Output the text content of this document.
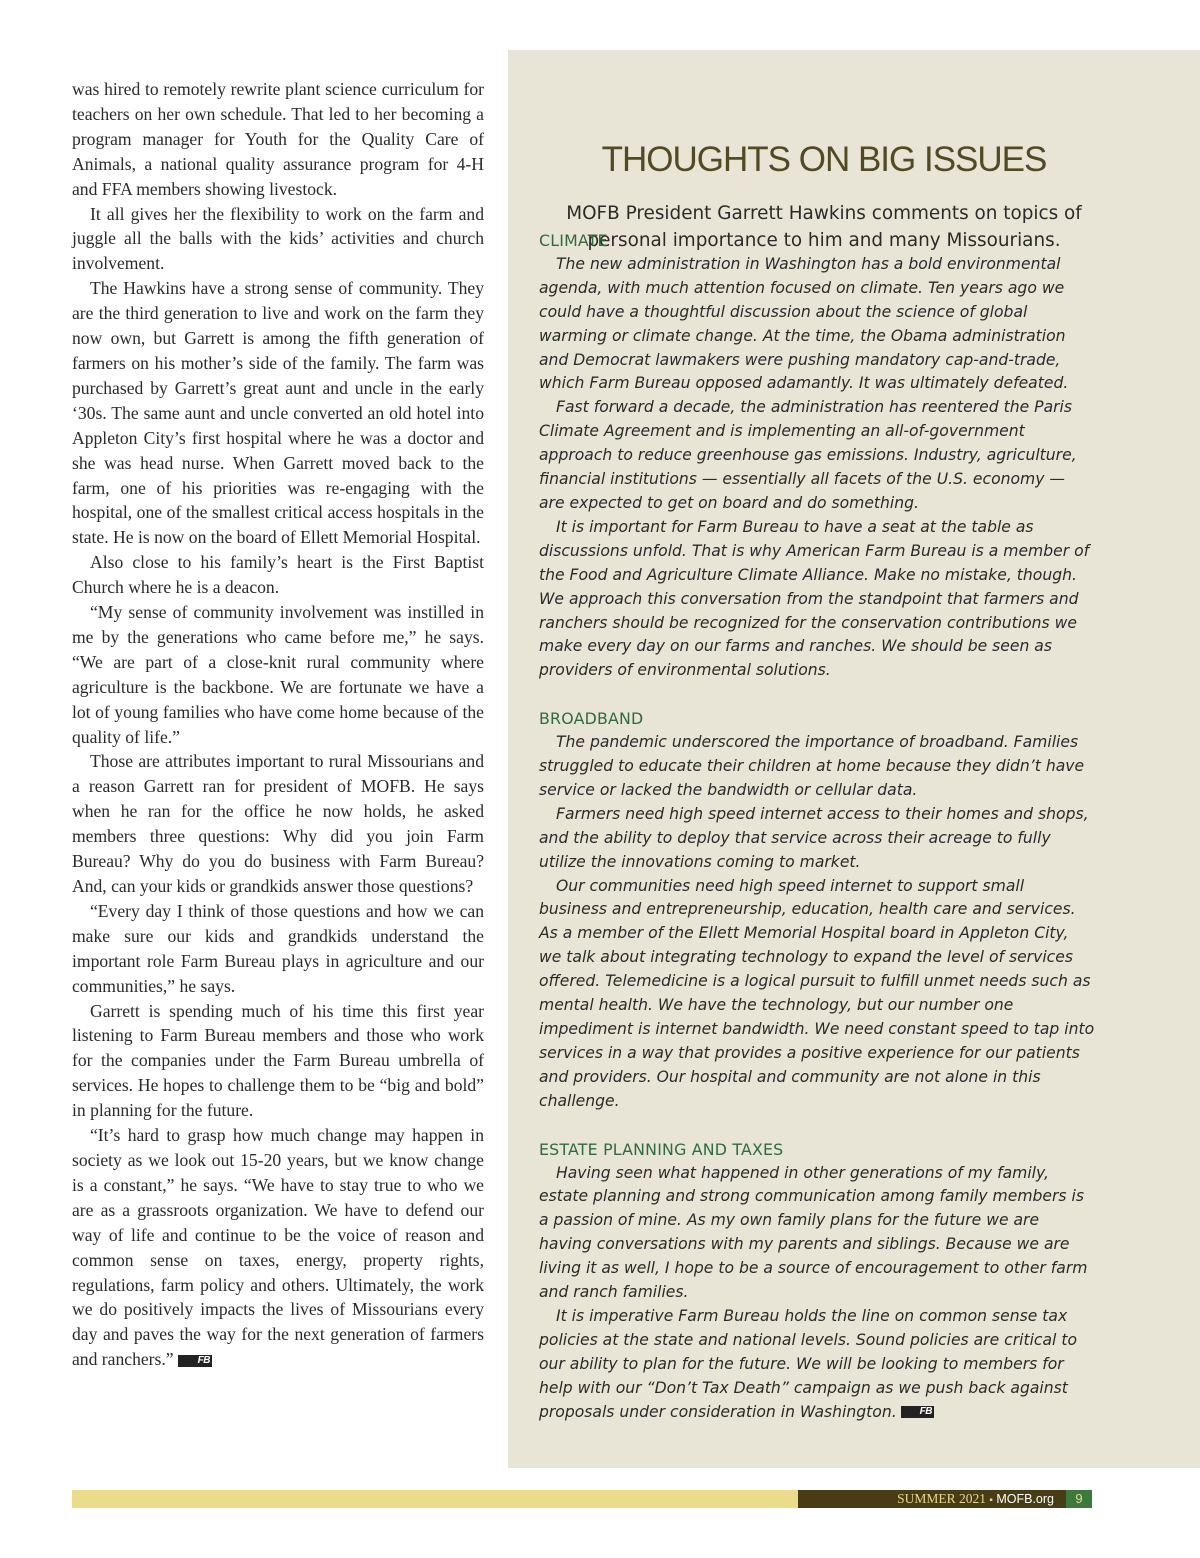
was hired to remotely rewrite plant science curriculum for teachers on her own schedule. That led to her becoming a program manager for Youth for the Quality Care of Animals, a national quality assurance program for 4-H and FFA members showing livestock.

It all gives her the flexibility to work on the farm and juggle all the balls with the kids’ activities and church involvement.

The Hawkins have a strong sense of community. They are the third generation to live and work on the farm they now own, but Garrett is among the fifth generation of farmers on his mother’s side of the family. The farm was purchased by Garrett’s great aunt and uncle in the early ‘30s. The same aunt and uncle converted an old hotel into Appleton City’s first hospital where he was a doctor and she was head nurse. When Garrett moved back to the farm, one of his priorities was re-engaging with the hospital, one of the smallest critical access hospitals in the state. He is now on the board of Ellett Memorial Hospital.

Also close to his family’s heart is the First Baptist Church where he is a deacon.

“My sense of community involvement was instilled in me by the generations who came before me,” he says. “We are part of a close-knit rural community where agriculture is the backbone. We are fortunate we have a lot of young families who have come home because of the quality of life.”

Those are attributes important to rural Missourians and a reason Garrett ran for president of MOFB. He says when he ran for the office he now holds, he asked members three questions: Why did you join Farm Bureau? Why do you do business with Farm Bureau? And, can your kids or grandkids answer those questions?

“Every day I think of those questions and how we can make sure our kids and grandkids understand the important role Farm Bureau plays in agriculture and our communities,” he says.

Garrett is spending much of his time this first year listening to Farm Bureau members and those who work for the companies under the Farm Bureau umbrella of services. He hopes to challenge them to be “big and bold” in planning for the future.

“It’s hard to grasp how much change may happen in society as we look out 15-20 years, but we know change is a constant,” he says. “We have to stay true to who we are as a grassroots organization. We have to defend our way of life and continue to be the voice of reason and common sense on taxes, energy, property rights, regulations, farm policy and others. Ultimately, the work we do positively impacts the lives of Missourians every day and paves the way for the next generation of farmers and ranchers.” FB

THOUGHTS ON BIG ISSUES
MOFB President Garrett Hawkins comments on topics of personal importance to him and many Missourians.
CLIMATE

The new administration in Washington has a bold environmental agenda, with much attention focused on climate. Ten years ago we could have a thoughtful discussion about the science of global warming or climate change. At the time, the Obama administration and Democrat lawmakers were pushing mandatory cap-and-trade, which Farm Bureau opposed adamantly. It was ultimately defeated.

Fast forward a decade, the administration has reentered the Paris Climate Agreement and is implementing an all-of-government approach to reduce greenhouse gas emissions. Industry, agriculture, financial institutions — essentially all facets of the U.S. economy — are expected to get on board and do something.

It is important for Farm Bureau to have a seat at the table as discussions unfold. That is why American Farm Bureau is a member of the Food and Agriculture Climate Alliance. Make no mistake, though. We approach this conversation from the standpoint that farmers and ranchers should be recognized for the conservation contributions we make every day on our farms and ranches. We should be seen as providers of environmental solutions.

BROADBAND

The pandemic underscored the importance of broadband. Families struggled to educate their children at home because they didn’t have service or lacked the bandwidth or cellular data.

Farmers need high speed internet access to their homes and shops, and the ability to deploy that service across their acreage to fully utilize the innovations coming to market.

Our communities need high speed internet to support small business and entrepreneurship, education, health care and services. As a member of the Ellett Memorial Hospital board in Appleton City, we talk about integrating technology to expand the level of services offered. Telemedicine is a logical pursuit to fulfill unmet needs such as mental health. We have the technology, but our number one impediment is internet bandwidth. We need constant speed to tap into services in a way that provides a positive experience for our patients and providers. Our hospital and community are not alone in this challenge.

ESTATE PLANNING AND TAXES

Having seen what happened in other generations of my family, estate planning and strong communication among family members is a passion of mine. As my own family plans for the future we are having conversations with my parents and siblings. Because we are living it as well, I hope to be a source of encouragement to other farm and ranch families.

It is imperative Farm Bureau holds the line on common sense tax policies at the state and national levels. Sound policies are critical to our ability to plan for the future. We will be looking to members for help with our “Don’t Tax Death” campaign as we push back against proposals under consideration in Washington. FB

SUMMER 2021 ▪ MOFB.org	9
